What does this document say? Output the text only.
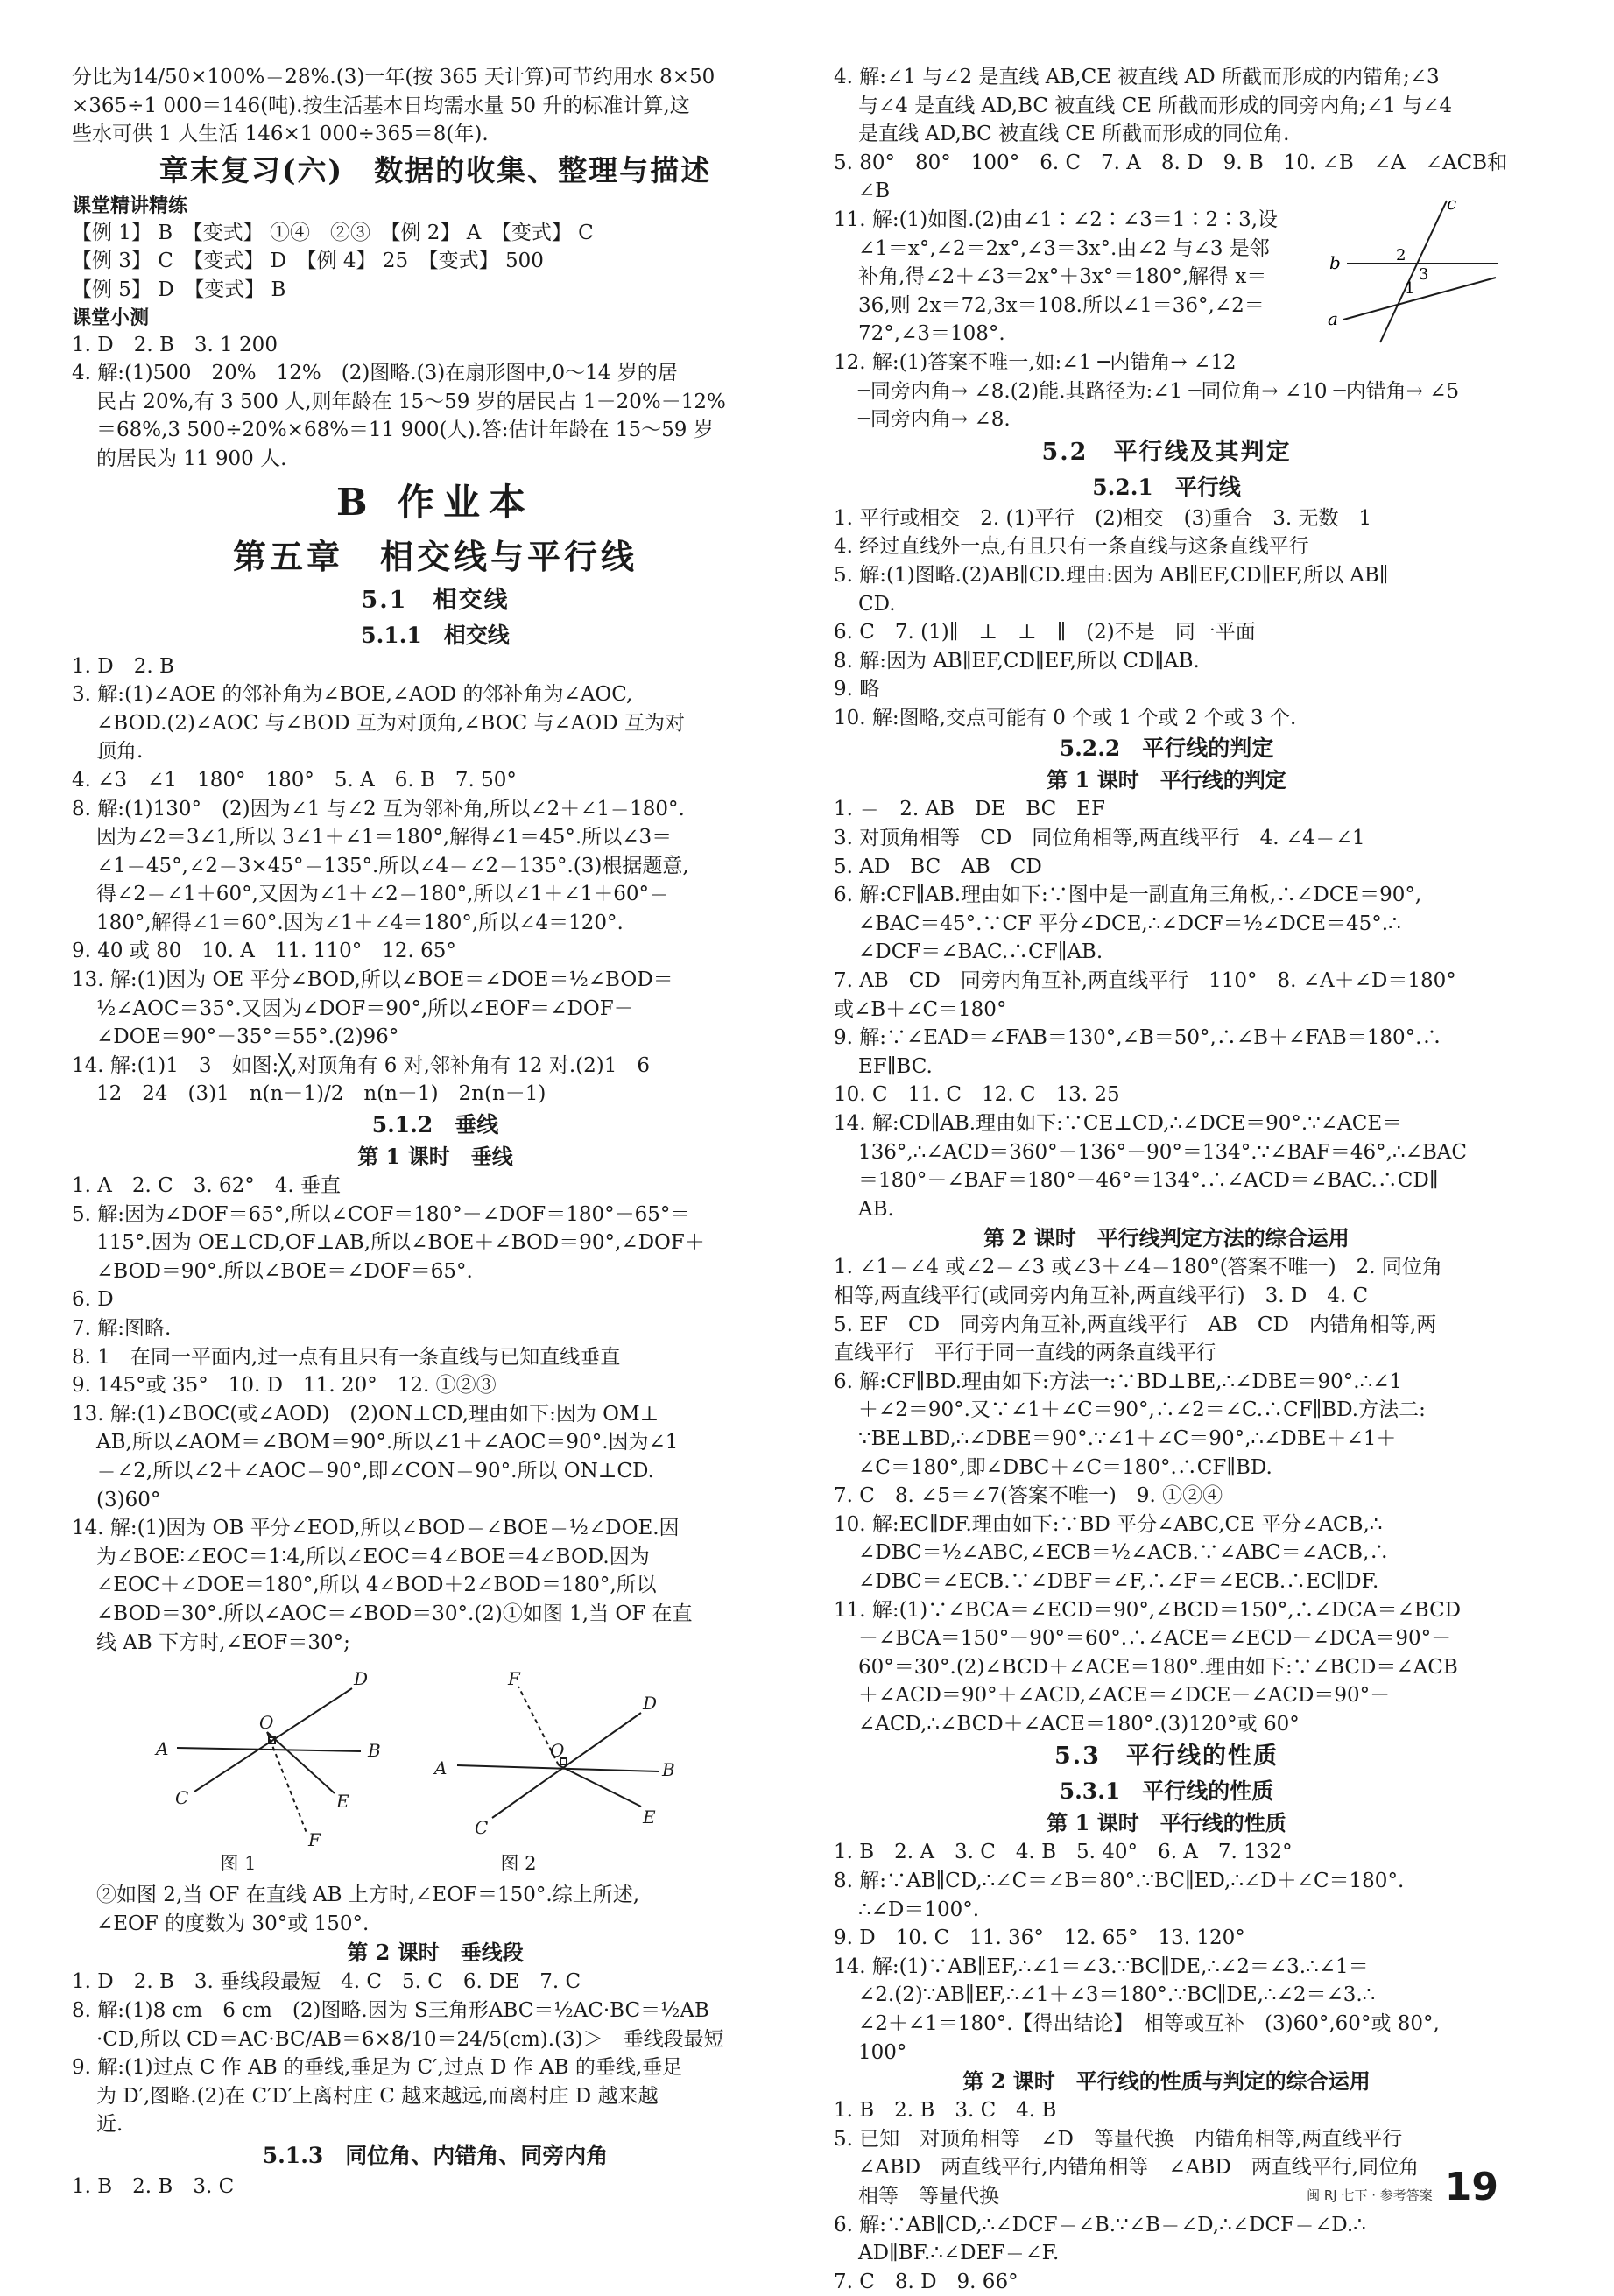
分比为14/50×100%＝28%.(3)一年(按 365 天计算)可节约用水 8×50
×365÷1 000＝146(吨).按生活基本日均需水量 50 升的标准计算,这
些水可供 1 人生活 146×1 000÷365＝8(年).
章末复习(六)　数据的收集、整理与描述
课堂精讲精练
【例 1】 B　【变式】 ①④　②③　【例 2】 A　【变式】 C
【例 3】 C　【变式】 D　【例 4】 25　【变式】 500
【例 5】 D　【变式】 B
课堂小测
1. D　2. B　3. 1 200
4. 解:(1)500　20%　12%　(2)图略.(3)在扇形图中,0～14 岁的居
民占 20%,有 3 500 人,则年龄在 15～59 岁的居民占 1－20%－12%
＝68%,3 500÷20%×68%＝11 900(人).答:估计年龄在 15～59 岁
的居民为 11 900 人.
B 作业本
第五章　相交线与平行线
5.1　相交线
5.1.1　相交线
1. D　2. B
3. 解:(1)∠AOE 的邻补角为∠BOE,∠AOD 的邻补角为∠AOC,
∠BOD.(2)∠AOC 与∠BOD 互为对顶角,∠BOC 与∠AOD 互为对
顶角.
4. ∠3　∠1　180°　180°　5. A　6. B　7. 50°
8. 解:(1)130°　(2)因为∠1 与∠2 互为邻补角,所以∠2＋∠1＝180°.
因为∠2＝3∠1,所以 3∠1＋∠1＝180°,解得∠1＝45°.所以∠3＝
∠1＝45°,∠2＝3×45°＝135°.所以∠4＝∠2＝135°.(3)根据题意,
得∠2＝∠1＋60°,又因为∠1＋∠2＝180°,所以∠1＋∠1＋60°＝
180°,解得∠1＝60°.因为∠1＋∠4＝180°,所以∠4＝120°.
9. 40 或 80　10. A　11. 110°　12. 65°
13. 解:(1)因为 OE 平分∠BOD,所以∠BOE＝∠DOE＝½∠BOD＝
½∠AOC＝35°.又因为∠DOF＝90°,所以∠EOF＝∠DOF－
∠DOE＝90°－35°＝55°.(2)96°
14. 解:(1)1　3　如图:╳,对顶角有 6 对,邻补角有 12 对.(2)1　6
12　24　(3)1　n(n－1)/2　n(n－1)　2n(n－1)
5.1.2　垂线
第 1 课时　垂线
1. A　2. C　3. 62°　4. 垂直
5. 解:因为∠DOF＝65°,所以∠COF＝180°－∠DOF＝180°－65°＝
115°.因为 OE⊥CD,OF⊥AB,所以∠BOE＋∠BOD＝90°,∠DOF＋
∠BOD＝90°.所以∠BOE＝∠DOF＝65°.
6. D
7. 解:图略.
8. 1　在同一平面内,过一点有且只有一条直线与已知直线垂直
9. 145°或 35°　10. D　11. 20°　12. ①②③
13. 解:(1)∠BOC(或∠AOD)　(2)ON⊥CD,理由如下:因为 OM⊥
AB,所以∠AOM＝∠BOM＝90°.所以∠1＋∠AOC＝90°.因为∠1
＝∠2,所以∠2＋∠AOC＝90°,即∠CON＝90°.所以 ON⊥CD.
(3)60°
14. 解:(1)因为 OB 平分∠EOD,所以∠BOD＝∠BOE＝½∠DOE.因
为∠BOE∶∠EOC＝1∶4,所以∠EOC＝4∠BOE＝4∠BOD.因为
∠EOC＋∠DOE＝180°,所以 4∠BOD＋2∠BOD＝180°,所以
∠BOD＝30°.所以∠AOC＝∠BOD＝30°.(2)①如图 1,当 OF 在直
线 AB 下方时,∠EOF＝30°;
A	B
C
D
E
F
O
A	B
C
D
E
F
O
图 1	图 2
②如图 2,当 OF 在直线 AB 上方时,∠EOF＝150°.综上所述,
∠EOF 的度数为 30°或 150°.
第 2 课时　垂线段
1. D　2. B　3. 垂线段最短　4. C　5. C　6. DE　7. C
8. 解:(1)8 cm　6 cm　(2)图略.因为 S三角形ABC＝½AC·BC＝½AB
·CD,所以 CD＝AC·BC/AB＝6×8/10＝24/5(cm).(3)＞　垂线段最短
9. 解:(1)过点 C 作 AB 的垂线,垂足为 C′,过点 D 作 AB 的垂线,垂足
为 D′,图略.(2)在 C′D′上离村庄 C 越来越远,而离村庄 D 越来越
近.
5.1.3　同位角、内错角、同旁内角
1. B　2. B　3. C
4. 解:∠1 与∠2 是直线 AB,CE 被直线 AD 所截而形成的内错角;∠3
与∠4 是直线 AD,BC 被直线 CE 所截而形成的同旁内角;∠1 与∠4
是直线 AD,BC 被直线 CE 所截而形成的同位角.
5. 80°　80°　100°　6. C　7. A　8. D　9. B　10. ∠B　∠A　∠ACB和
∠B
11. 解:(1)如图.(2)由∠1∶∠2∶∠3＝1∶2∶3,设
∠1＝x°,∠2＝2x°,∠3＝3x°.由∠2 与∠3 是邻
补角,得∠2＋∠3＝2x°＋3x°＝180°,解得 x＝
36,则 2x＝72,3x＝108.所以∠1＝36°,∠2＝
72°,∠3＝108°.
c
b
a
1
2
3
12. 解:(1)答案不唯一,如:∠1 ─内错角→ ∠12
─同旁内角→ ∠8.(2)能.其路径为:∠1 ─同位角→ ∠10 ─内错角→ ∠5
─同旁内角→ ∠8.
5.2　平行线及其判定
5.2.1　平行线
1. 平行或相交　2. (1)平行　(2)相交　(3)重合　3. 无数　1
4. 经过直线外一点,有且只有一条直线与这条直线平行
5. 解:(1)图略.(2)AB∥CD.理由:因为 AB∥EF,CD∥EF,所以 AB∥
CD.
6. C　7. (1)∥　⊥　⊥　∥　(2)不是　同一平面
8. 解:因为 AB∥EF,CD∥EF,所以 CD∥AB.
9. 略
10. 解:图略,交点可能有 0 个或 1 个或 2 个或 3 个.
5.2.2　平行线的判定
第 1 课时　平行线的判定
1. ＝　2. AB　DE　BC　EF
3. 对顶角相等　CD　同位角相等,两直线平行　4. ∠4＝∠1
5. AD　BC　AB　CD
6. 解:CF∥AB.理由如下:∵图中是一副直角三角板,∴∠DCE＝90°,
∠BAC＝45°.∵CF 平分∠DCE,∴∠DCF＝½∠DCE＝45°.∴
∠DCF＝∠BAC.∴CF∥AB.
7. AB　CD　同旁内角互补,两直线平行　110°　8. ∠A＋∠D＝180°
或∠B＋∠C＝180°
9. 解:∵∠EAD＝∠FAB＝130°,∠B＝50°,∴∠B＋∠FAB＝180°.∴
EF∥BC.
10. C　11. C　12. C　13. 25
14. 解:CD∥AB.理由如下:∵CE⊥CD,∴∠DCE＝90°.∵∠ACE＝
136°,∴∠ACD＝360°－136°－90°＝134°.∵∠BAF＝46°,∴∠BAC
＝180°－∠BAF＝180°－46°＝134°.∴∠ACD＝∠BAC.∴CD∥
AB.
第 2 课时　平行线判定方法的综合运用
1. ∠1＝∠4 或∠2＝∠3 或∠3＋∠4＝180°(答案不唯一)　2. 同位角
相等,两直线平行(或同旁内角互补,两直线平行)　3. D　4. C
5. EF　CD　同旁内角互补,两直线平行　AB　CD　内错角相等,两
直线平行　平行于同一直线的两条直线平行
6. 解:CF∥BD.理由如下:方法一:∵BD⊥BE,∴∠DBE＝90°.∴∠1
＋∠2＝90°.又∵∠1＋∠C＝90°,∴∠2＝∠C.∴CF∥BD.方法二:
∵BE⊥BD,∴∠DBE＝90°.∵∠1＋∠C＝90°,∴∠DBE＋∠1＋
∠C＝180°,即∠DBC＋∠C＝180°.∴CF∥BD.
7. C　8. ∠5＝∠7(答案不唯一)　9. ①②④
10. 解:EC∥DF.理由如下:∵BD 平分∠ABC,CE 平分∠ACB,∴
∠DBC＝½∠ABC,∠ECB＝½∠ACB.∵∠ABC＝∠ACB,∴
∠DBC＝∠ECB.∵∠DBF＝∠F,∴∠F＝∠ECB.∴EC∥DF.
11. 解:(1)∵∠BCA＝∠ECD＝90°,∠BCD＝150°,∴∠DCA＝∠BCD
－∠BCA＝150°－90°＝60°.∴∠ACE＝∠ECD－∠DCA＝90°－
60°＝30°.(2)∠BCD＋∠ACE＝180°.理由如下:∵∠BCD＝∠ACB
＋∠ACD＝90°＋∠ACD,∠ACE＝∠DCE－∠ACD＝90°－
∠ACD,∴∠BCD＋∠ACE＝180°.(3)120°或 60°
5.3　平行线的性质
5.3.1　平行线的性质
第 1 课时　平行线的性质
1. B　2. A　3. C　4. B　5. 40°　6. A　7. 132°
8. 解:∵AB∥CD,∴∠C＝∠B＝80°.∵BC∥ED,∴∠D＋∠C＝180°.
∴∠D＝100°.
9. D　10. C　11. 36°　12. 65°　13. 120°
14. 解:(1)∵AB∥EF,∴∠1＝∠3.∵BC∥DE,∴∠2＝∠3.∴∠1＝
∠2.(2)∵AB∥EF,∴∠1＋∠3＝180°.∵BC∥DE,∴∠2＝∠3.∴
∠2＋∠1＝180°.【得出结论】　相等或互补　(3)60°,60°或 80°,
100°
第 2 课时　平行线的性质与判定的综合运用
1. B　2. B　3. C　4. B
5. 已知　对顶角相等　∠D　等量代换　内错角相等,两直线平行
∠ABD　两直线平行,内错角相等　∠ABD　两直线平行,同位角
相等　等量代换
6. 解:∵AB∥CD,∴∠DCF＝∠B.∵∠B＝∠D,∴∠DCF＝∠D.∴
AD∥BF.∴∠DEF＝∠F.
7. C　8. D　9. 66°
闽 RJ 七下 · 参考答案 19
